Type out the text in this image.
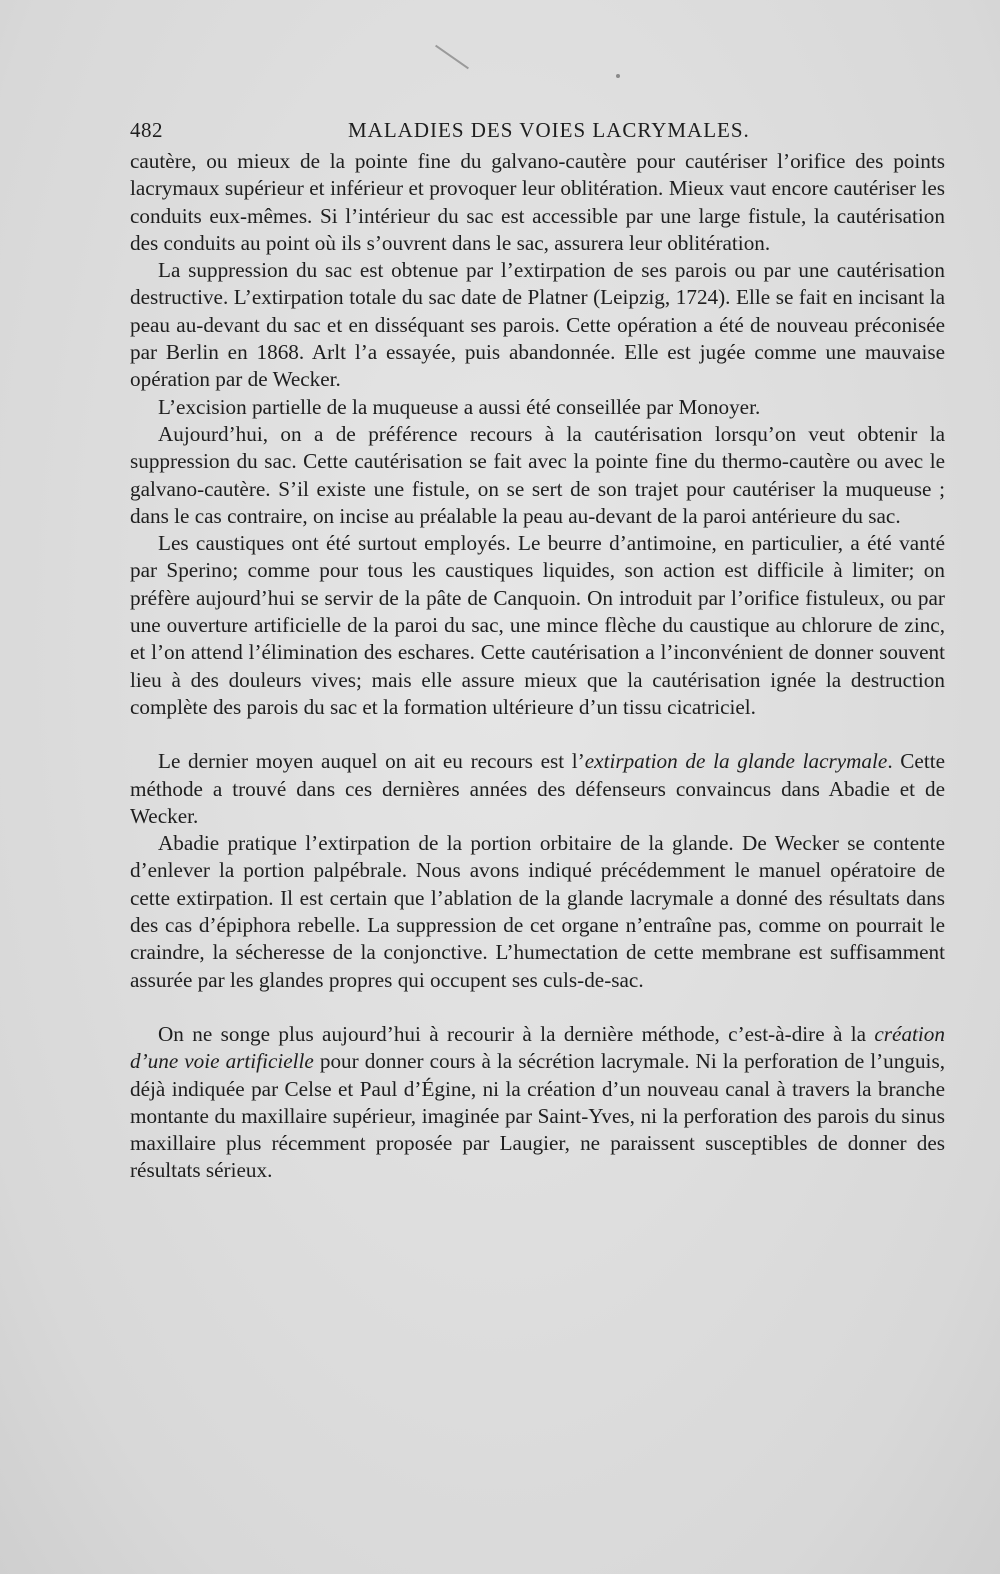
482	MALADIES DES VOIES LACRYMALES.

cautère, ou mieux de la pointe fine du galvano-cautère pour cautériser l’orifice des points lacrymaux supérieur et inférieur et provoquer leur oblitération. Mieux vaut encore cautériser les conduits eux-mêmes. Si l’intérieur du sac est accessible par une large fistule, la cautérisation des conduits au point où ils s’ouvrent dans le sac, assurera leur oblitération.

La suppression du sac est obtenue par l’extirpation de ses parois ou par une cautérisation destructive. L’extirpation totale du sac date de Platner (Leipzig, 1724). Elle se fait en incisant la peau au-devant du sac et en disséquant ses parois. Cette opération a été de nouveau préconisée par Berlin en 1868. Arlt l’a essayée, puis abandonnée. Elle est jugée comme une mauvaise opération par de Wecker.

L’excision partielle de la muqueuse a aussi été conseillée par Monoyer.

Aujourd’hui, on a de préférence recours à la cautérisation lorsqu’on veut obtenir la suppression du sac. Cette cautérisation se fait avec la pointe fine du thermo-cautère ou avec le galvano-cautère. S’il existe une fistule, on se sert de son trajet pour cautériser la muqueuse ; dans le cas contraire, on incise au préalable la peau au-devant de la paroi antérieure du sac.

Les caustiques ont été surtout employés. Le beurre d’antimoine, en particulier, a été vanté par Sperino; comme pour tous les caustiques liquides, son action est difficile à limiter; on préfère aujourd’hui se servir de la pâte de Canquoin. On introduit par l’orifice fistuleux, ou par une ouverture artificielle de la paroi du sac, une mince flèche du caustique au chlorure de zinc, et l’on attend l’élimination des eschares. Cette cautérisation a l’inconvénient de donner souvent lieu à des douleurs vives; mais elle assure mieux que la cautérisation ignée la destruction complète des parois du sac et la formation ultérieure d’un tissu cicatriciel.

Le dernier moyen auquel on ait eu recours est l’extirpation de la glande lacrymale. Cette méthode a trouvé dans ces dernières années des défenseurs convaincus dans Abadie et de Wecker.

Abadie pratique l’extirpation de la portion orbitaire de la glande. De Wecker se contente d’enlever la portion palpébrale. Nous avons indiqué précédemment le manuel opératoire de cette extirpation. Il est certain que l’ablation de la glande lacrymale a donné des résultats dans des cas d’épiphora rebelle. La suppression de cet organe n’entraîne pas, comme on pourrait le craindre, la sécheresse de la conjonctive. L’humectation de cette membrane est suffisamment assurée par les glandes propres qui occupent ses culs-de-sac.

On ne songe plus aujourd’hui à recourir à la dernière méthode, c’est-à-dire à la création d’une voie artificielle pour donner cours à la sécrétion lacrymale. Ni la perforation de l’unguis, déjà indiquée par Celse et Paul d’Égine, ni la création d’un nouveau canal à travers la branche montante du maxillaire supérieur, imaginée par Saint-Yves, ni la perforation des parois du sinus maxillaire plus récemment proposée par Laugier, ne paraissent susceptibles de donner des résultats sérieux.
